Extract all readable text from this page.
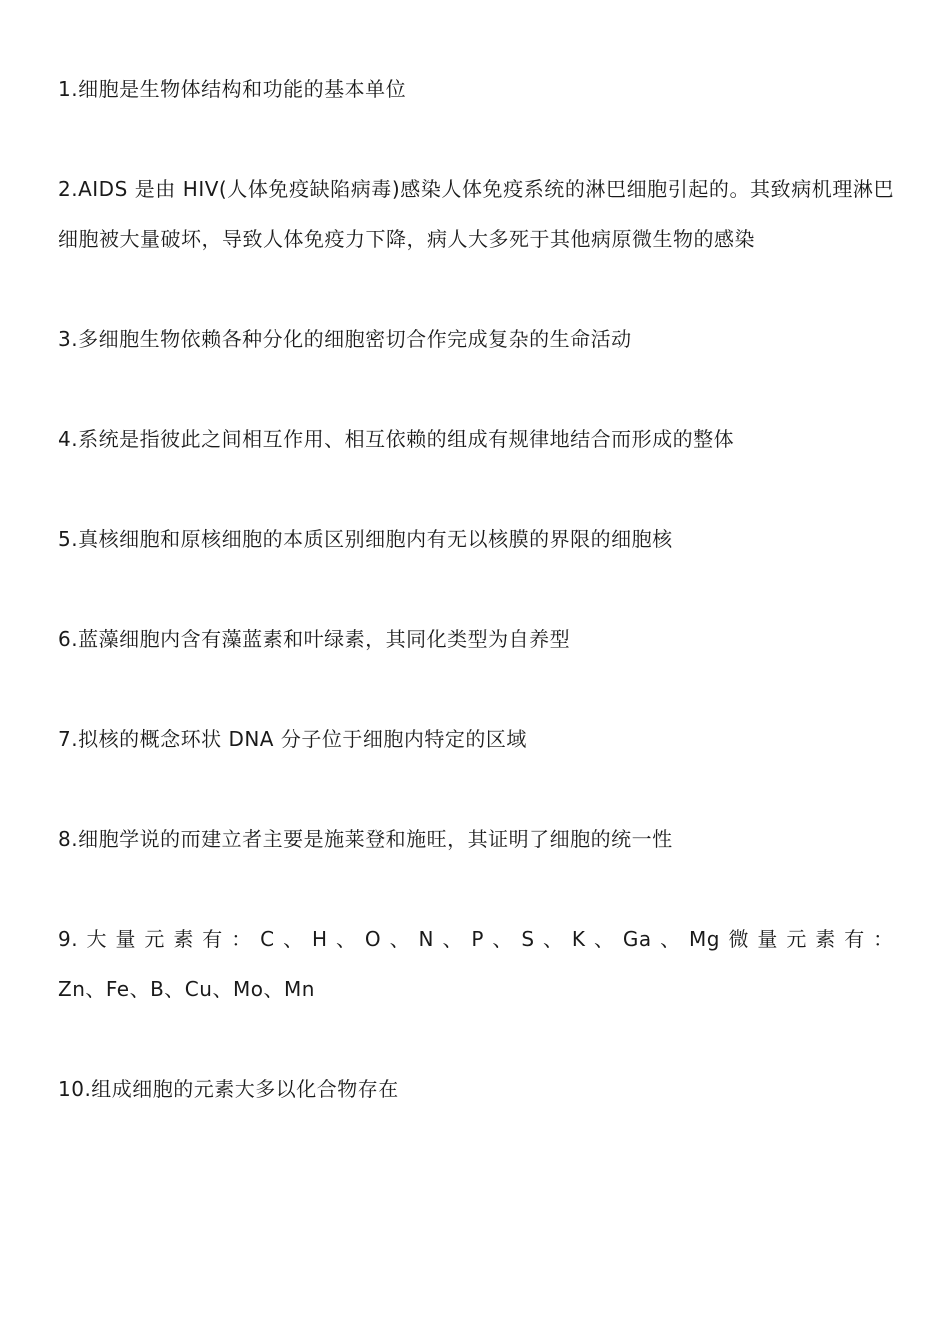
1.细胞是生物体结构和功能的基本单位

2.AIDS 是由 HIV(人体免疫缺陷病毒)感染人体免疫系统的淋巴细胞引起的。其致病机理淋巴细胞被大量破坏，导致人体免疫力下降，病人大多死于其他病原微生物的感染

3.多细胞生物依赖各种分化的细胞密切合作完成复杂的生命活动

4.系统是指彼此之间相互作用、相互依赖的组成有规律地结合而形成的整体

5.真核细胞和原核细胞的本质区别细胞内有无以核膜的界限的细胞核

6.蓝藻细胞内含有藻蓝素和叶绿素，其同化类型为自养型

7.拟核的概念环状 DNA 分子位于细胞内特定的区域

8.细胞学说的而建立者主要是施莱登和施旺，其证明了细胞的统一性

9. 大 量 元 素 有 ： C 、 H 、 O 、 N 、 P 、 S 、 K 、 Ga 、 Mg 微 量 元 素 有 ：

Zn、Fe、B、Cu、Mo、Mn

10.组成细胞的元素大多以化合物存在
